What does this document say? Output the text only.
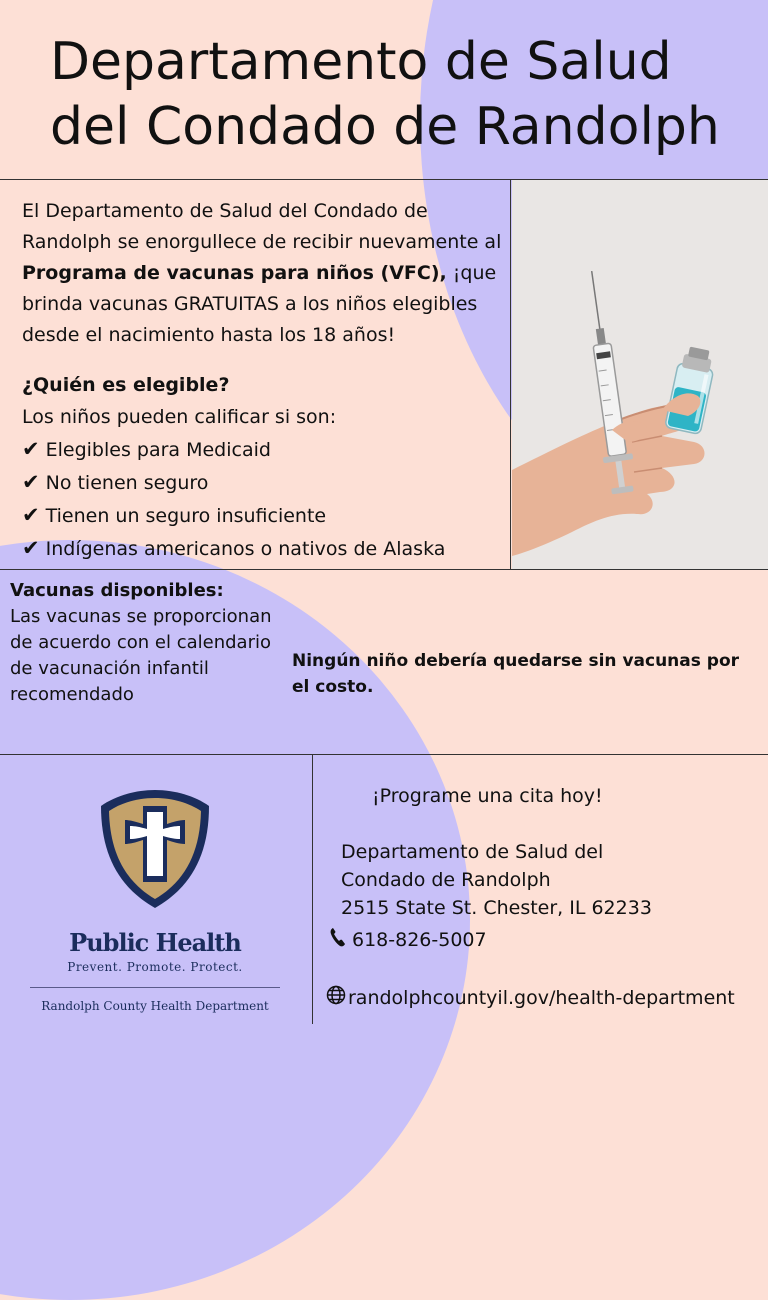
Departamento de Salud
del Condado de Randolph
El Departamento de Salud del Condado de Randolph se enorgullece de recibir nuevamente al Programa de vacunas para niños (VFC), ¡que brinda vacunas GRATUITAS a los niños elegibles desde el nacimiento hasta los 18 años!
¿Quién es elegible?
Los niños pueden calificar si son:
✔ Elegibles para Medicaid
✔ No tienen seguro
✔ Tienen un seguro insuficiente
✔ Indígenas americanos o nativos de Alaska
Vacunas disponibles:
Las vacunas se proporcionan de acuerdo con el calendario de vacunación infantil recomendado
Ningún niño debería quedarse sin vacunas por el costo.
Public Health
Prevent. Promote. Protect.
Randolph County Health Department
¡Programe una cita hoy!
Departamento de Salud del
Condado de Randolph
2515 State St. Chester, IL 62233
618-826-5007
randolphcountyil.gov/health-department
